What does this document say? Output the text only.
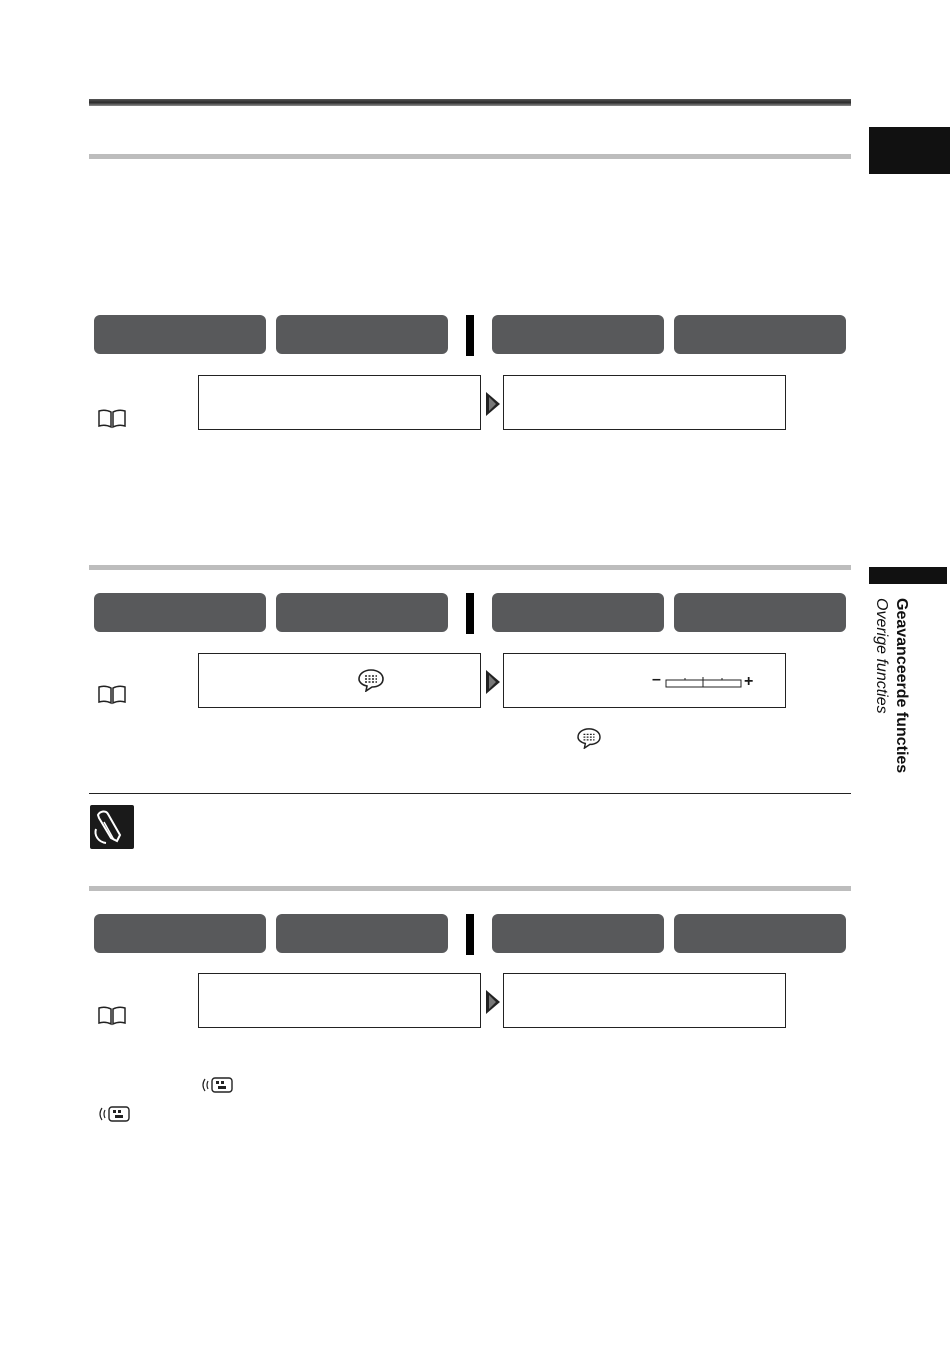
Geavanceerde functies
Overige functies
–	+
